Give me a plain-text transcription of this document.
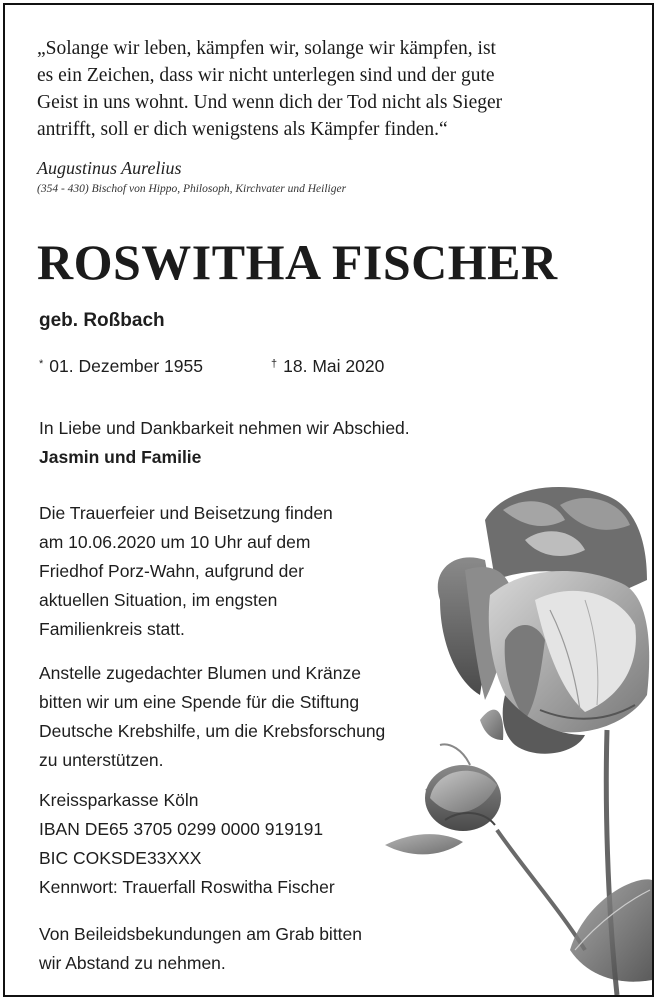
„Solange wir leben, kämpfen wir, solange wir kämpfen, ist
es ein Zeichen, dass wir nicht unterlegen sind und der gute
Geist in uns wohnt. Und wenn dich der Tod nicht als Sieger
antrifft, soll er dich wenigstens als Kämpfer finden.“
Augustinus Aurelius
(354 - 430) Bischof von Hippo, Philosoph, Kirchvater und Heiliger
ROSWITHA FISCHER
geb. Roßbach
* 01. Dezember 1955	† 18. Mai 2020
In Liebe und Dankbarkeit nehmen wir Abschied.
Jasmin und Familie
Die Trauerfeier und Beisetzung finden
am 10.06.2020 um 10 Uhr auf dem
Friedhof Porz-Wahn, aufgrund der
aktuellen Situation, im engsten
Familienkreis statt.
Anstelle zugedachter Blumen und Kränze
bitten wir um eine Spende für die Stiftung
Deutsche Krebshilfe, um die Krebsforschung
zu unterstützen.
Kreissparkasse Köln
IBAN DE65 3705 0299 0000 919191
BIC COKSDE33XXX
Kennwort: Trauerfall Roswitha Fischer
Von Beileidsbekundungen am Grab bitten
wir Abstand zu nehmen.
